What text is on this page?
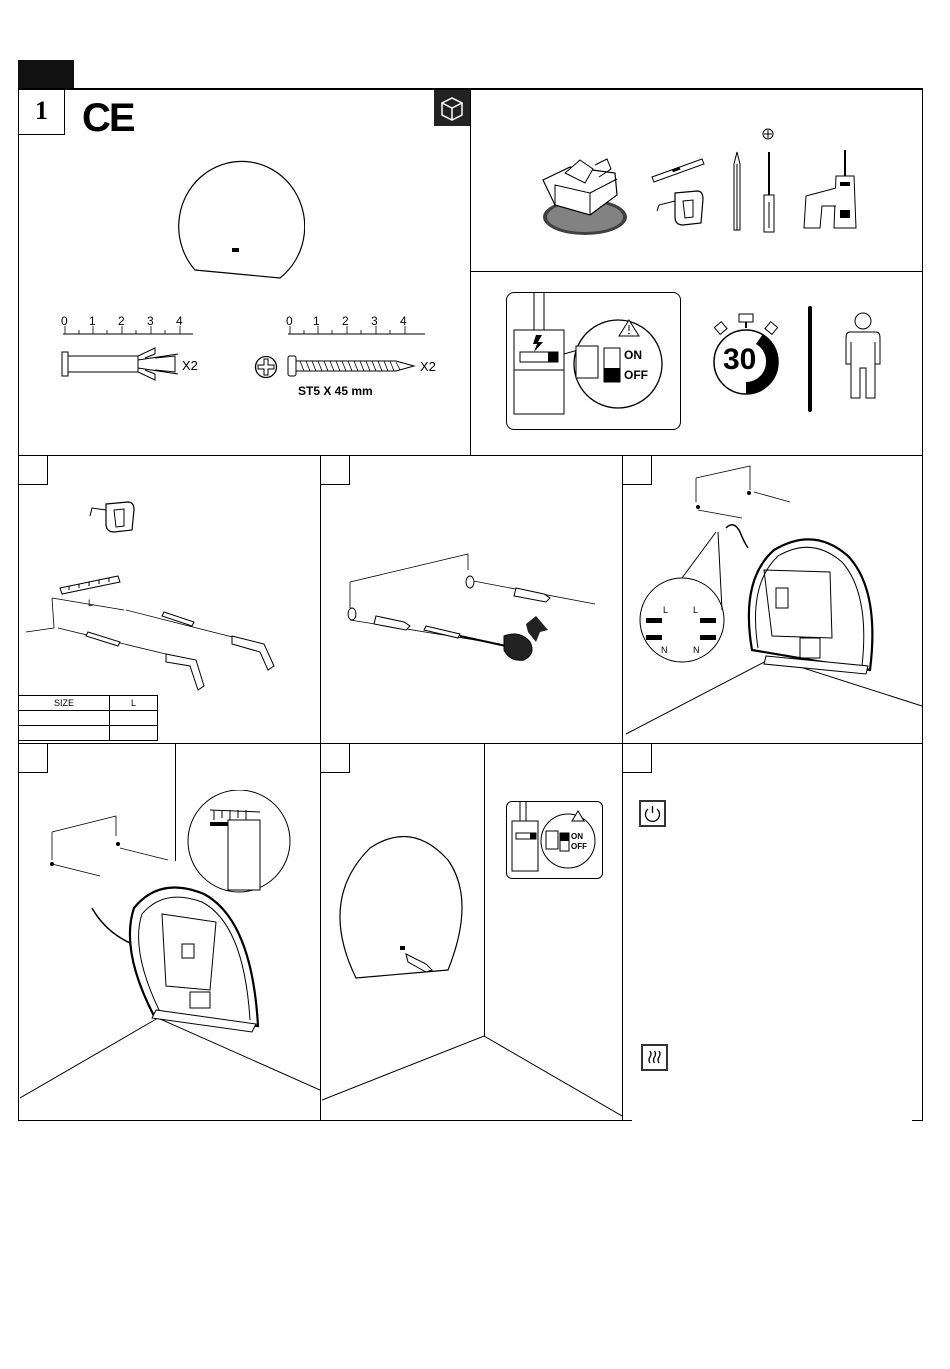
1 CE
0 1 2 3 4
X2
0 1 2 3 4
X2
ST5 X 45 mm
ON
OFF	30
L
SIZE	L

L	L
N	N
ON
OFF
